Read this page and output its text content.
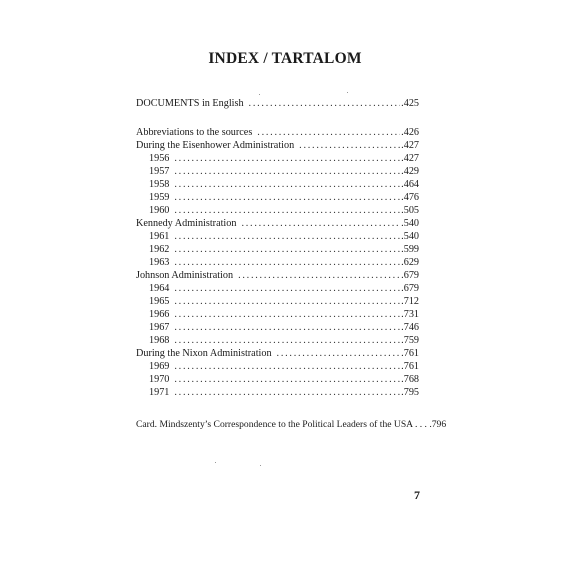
INDEX / TARTALOM
DOCUMENTS in English . . .	.425
Abbreviations to the sources . . .	.426
During the Eisenhower Administration . . .	.427
1956 . . .	.427
1957 . . .	.429
1958 . . .	.464
1959 . . .	.476
1960 . . .	.505
Kennedy Administration . . .	.540
1961 . . .	.540
1962 . . .	.599
1963 . . .	.629
Johnson Administration . . .	.679
1964 . . .	.679
1965 . . .	.712
1966 . . .	.731
1967 . . .	.746
1968 . . .	.759
During the Nixon Administration . . .	.761
1969 . . .	.761
1970 . . .	.768
1971 . . .	.795
Card. Mindszenty’s Correspondence to the Political Leaders of the USA . . . .796
7
